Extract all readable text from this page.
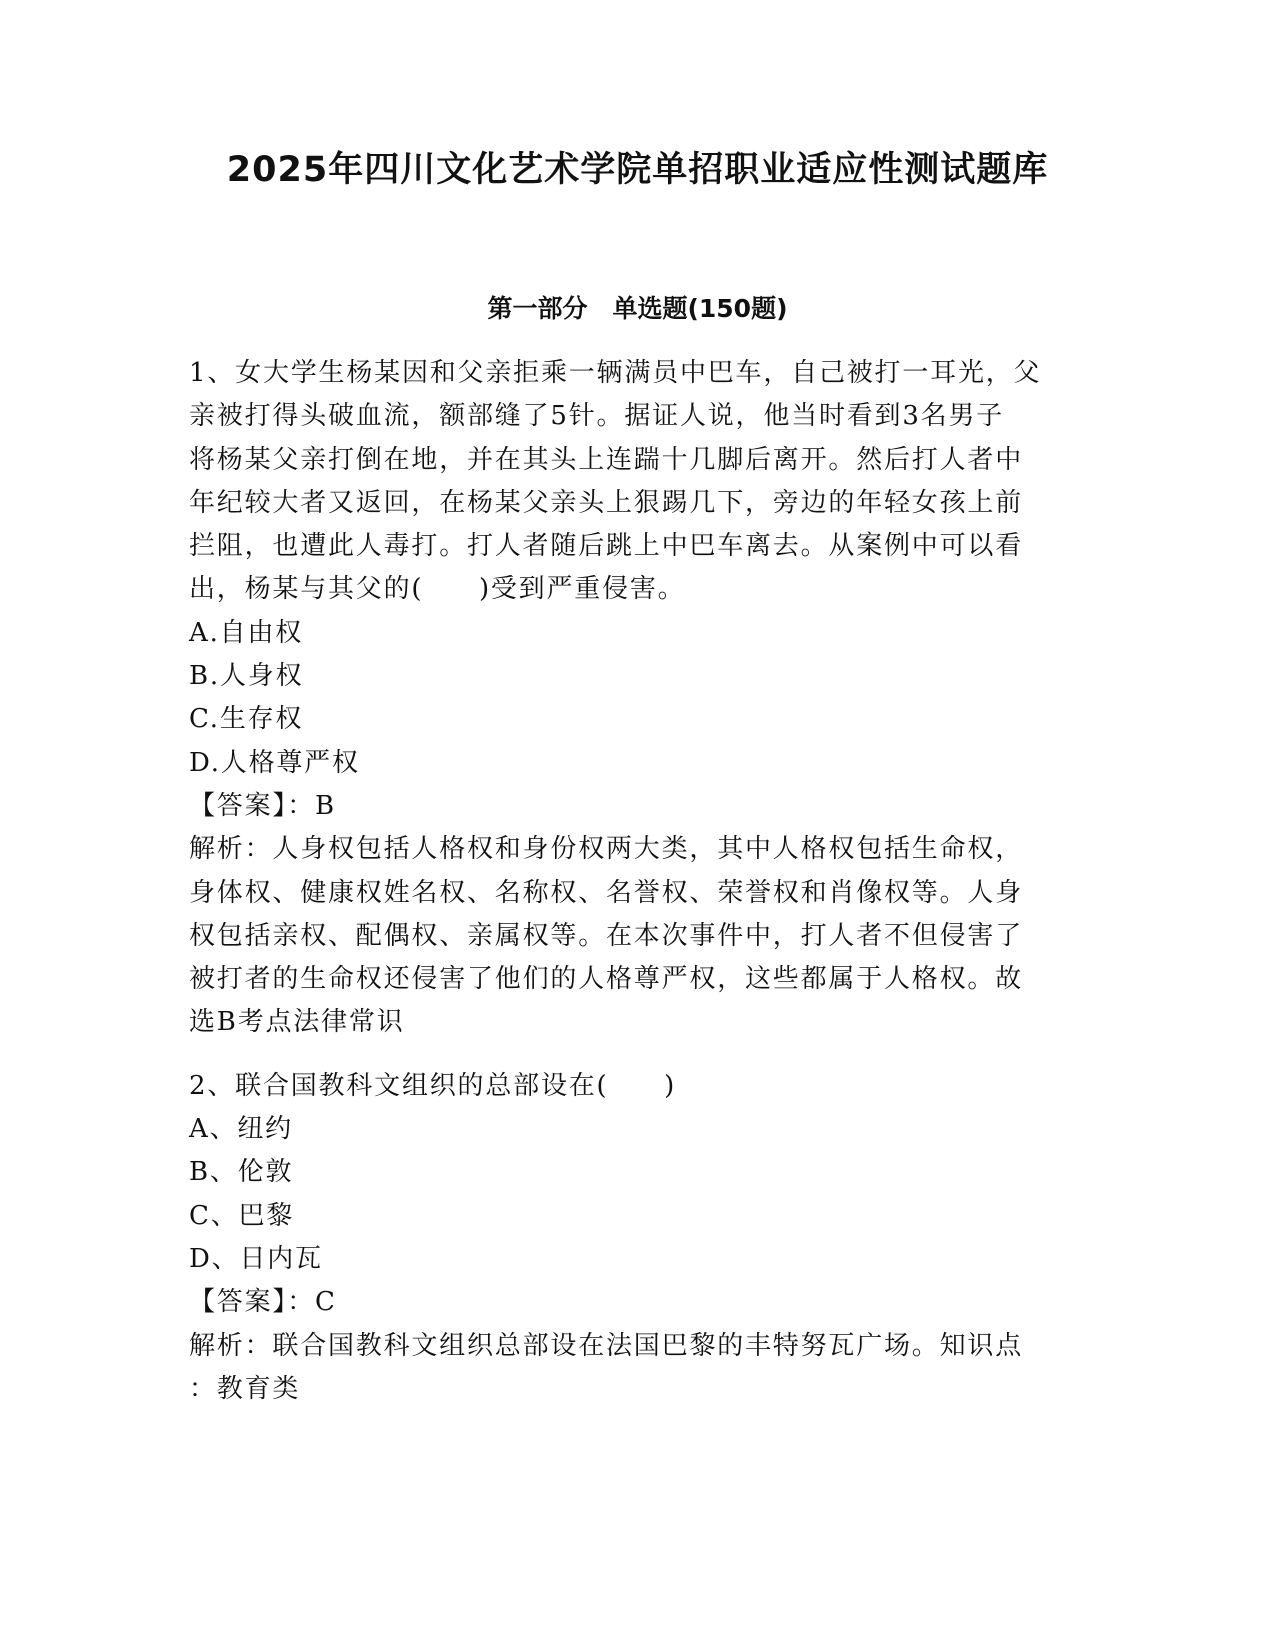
2025年四川文化艺术学院单招职业适应性测试题库
第一部分　单选题(150题)
1、女大学生杨某因和父亲拒乘一辆满员中巴车，自己被打一耳光，父
亲被打得头破血流，额部缝了5针。据证人说，他当时看到3名男子
将杨某父亲打倒在地，并在其头上连踹十几脚后离开。然后打人者中
年纪较大者又返回，在杨某父亲头上狠踢几下，旁边的年轻女孩上前
拦阻，也遭此人毒打。打人者随后跳上中巴车离去。从案例中可以看
出，杨某与其父的(　　)受到严重侵害。
A.自由权
B.人身权
C.生存权
D.人格尊严权
【答案】：B
解析：人身权包括人格权和身份权两大类，其中人格权包括生命权，
身体权、健康权姓名权、名称权、名誉权、荣誉权和肖像权等。人身
权包括亲权、配偶权、亲属权等。在本次事件中，打人者不但侵害了
被打者的生命权还侵害了他们的人格尊严权，这些都属于人格权。故
选B考点法律常识
2、联合国教科文组织的总部设在(　　)
A、纽约
B、伦敦
C、巴黎
D、日内瓦
【答案】：C
解析：联合国教科文组织总部设在法国巴黎的丰特努瓦广场。知识点
：教育类
